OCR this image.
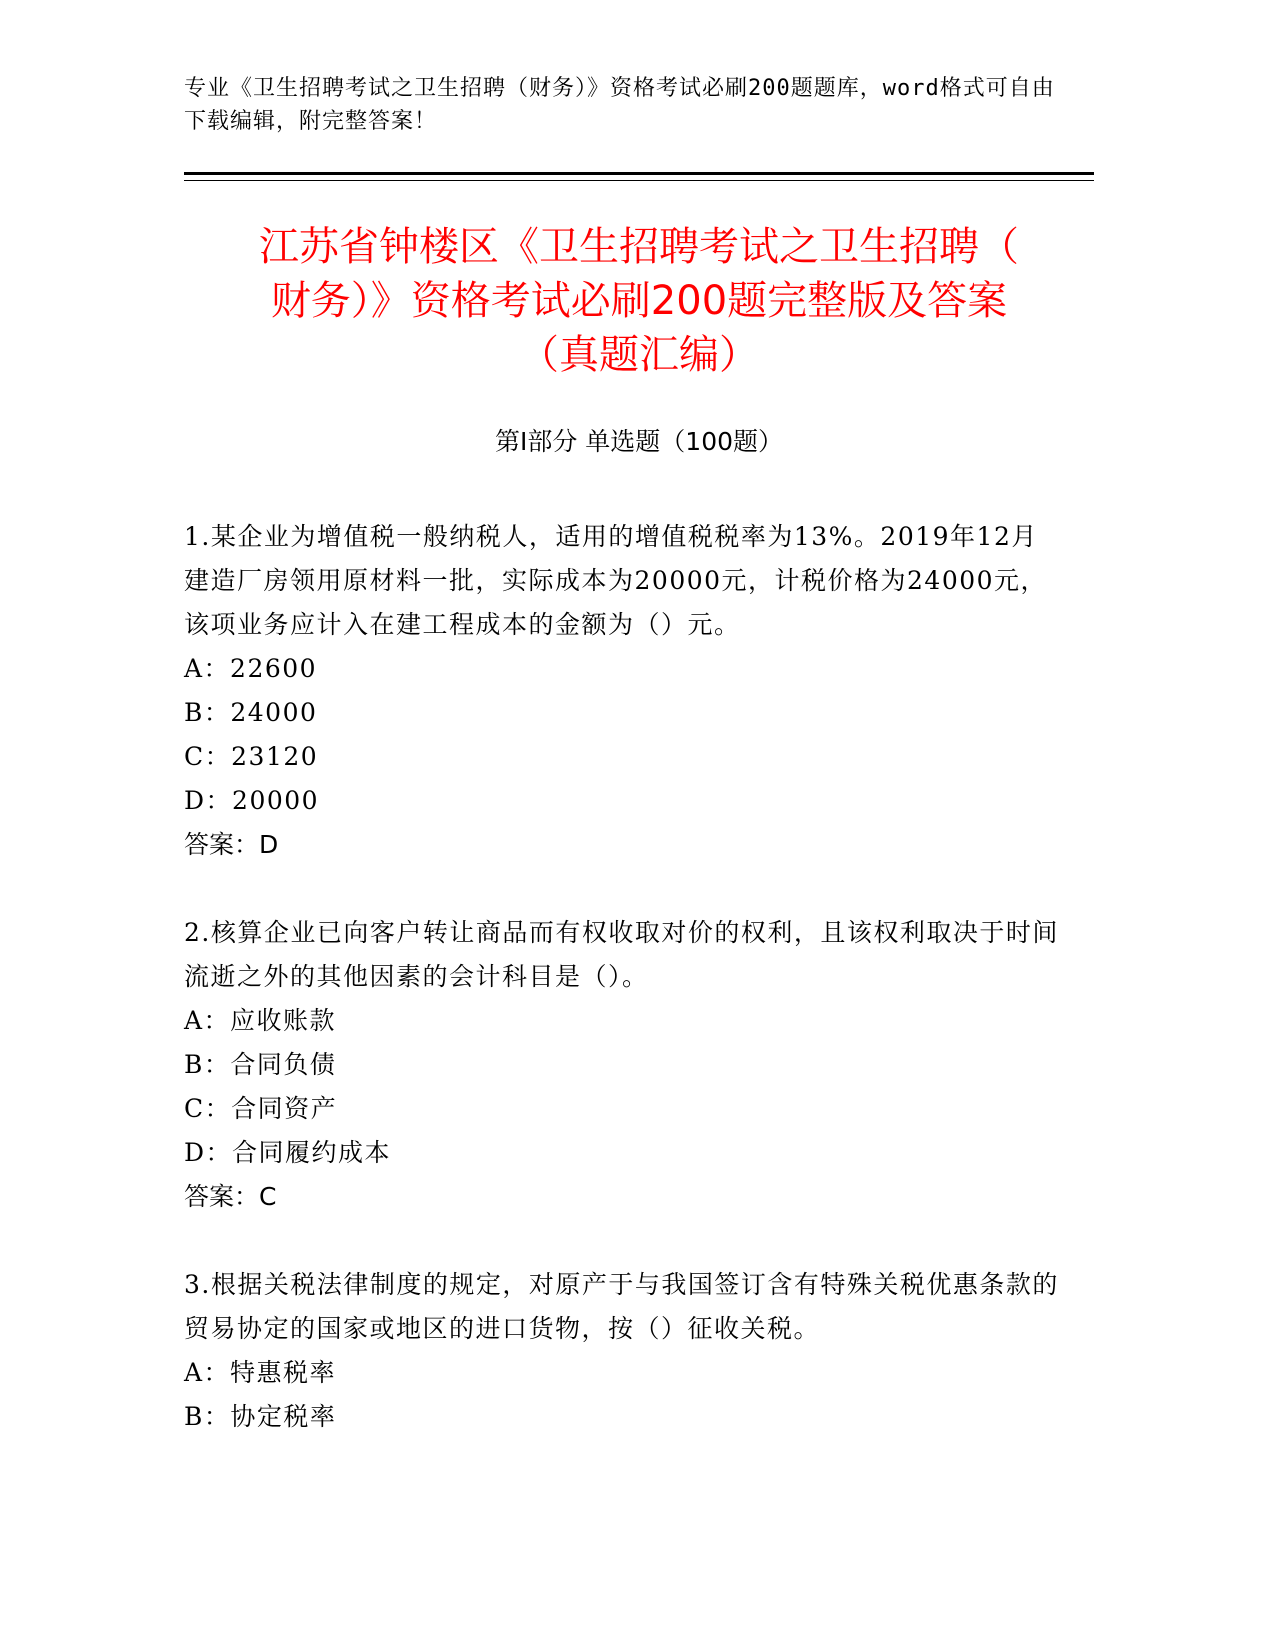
专业《卫生招聘考试之卫生招聘（财务）》资格考试必刷200题题库，word格式可自由下载编辑，附完整答案！
江苏省钟楼区《卫生招聘考试之卫生招聘（
财务）》资格考试必刷200题完整版及答案
（真题汇编）
第Ⅰ部分 单选题（100题）

1.某企业为增值税一般纳税人，适用的增值税税率为13%。2019年12月建造厂房领用原材料一批，实际成本为20000元，计税价格为24000元，该项业务应计入在建工程成本的金额为（）元。

A：22600

B：24000

C：23120

D：20000

答案：D

2.核算企业已向客户转让商品而有权收取对价的权利，且该权利取决于时间流逝之外的其他因素的会计科目是（）。

A：应收账款

B：合同负债

C：合同资产

D：合同履约成本

答案：C

3.根据关税法律制度的规定，对原产于与我国签订含有特殊关税优惠条款的贸易协定的国家或地区的进口货物，按（）征收关税。

A：特惠税率

B：协定税率
